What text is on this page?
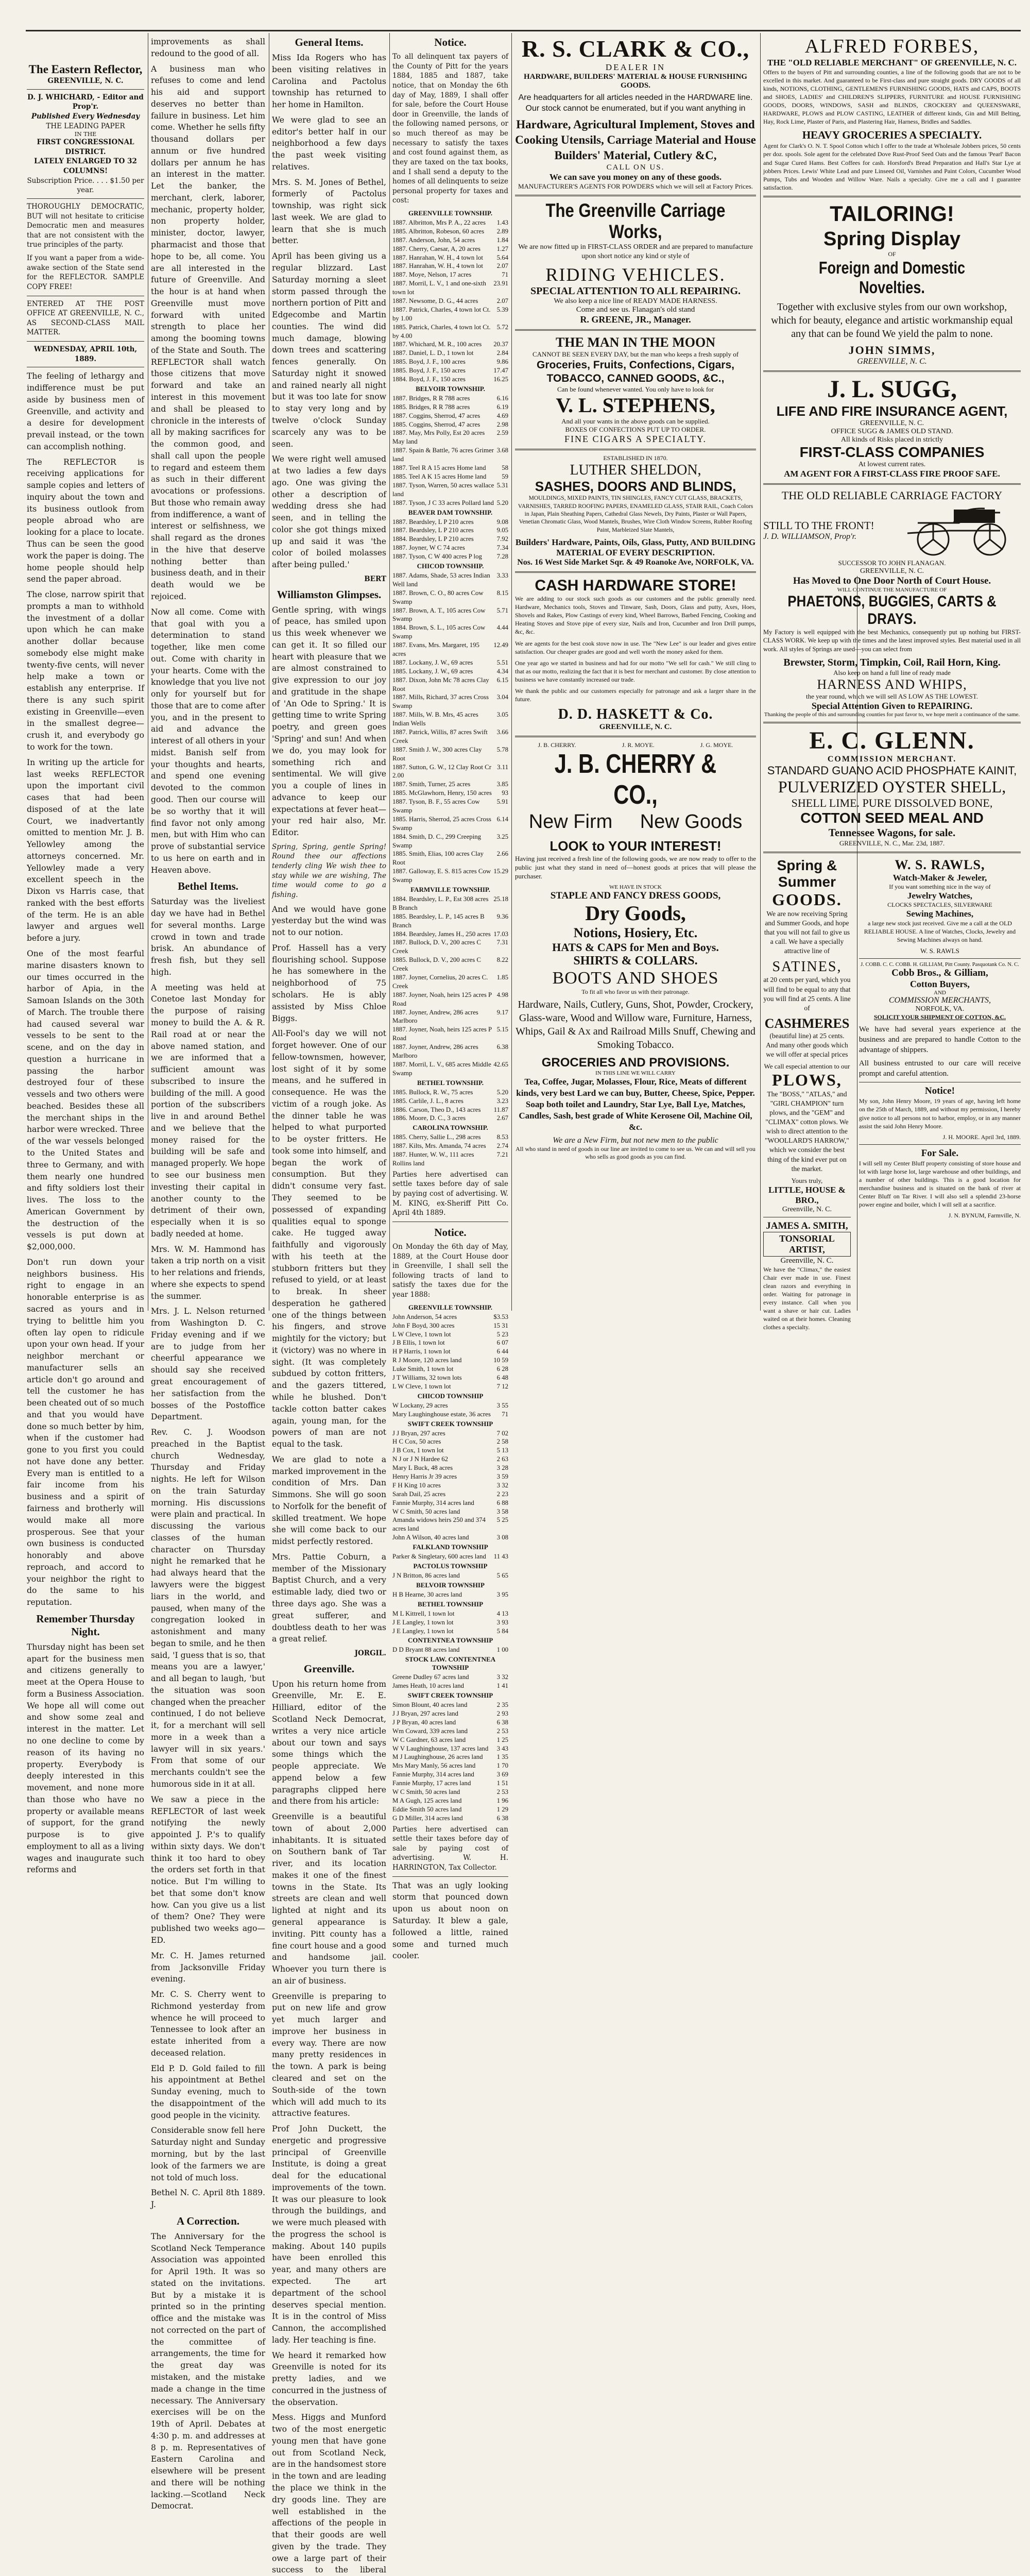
The Eastern Reflector,
GREENVILLE, N. C.
D. J. WHICHARD, - Editor and Prop'r.
Published Every Wednesday
THE LEADING PAPER
IN THE
FIRST CONGRESSIONAL DISTRICT.
LATELY ENLARGED TO 32 COLUMNS!
Subscription Price. . . . $1.50 per year.

THOROUGHLY DEMOCRATIC, BUT will not hesitate to criticise Democratic men and measures that are not consistent with the true principles of the party.

If you want a paper from a wide-awake section of the State send for the REFLECTOR. SAMPLE COPY FREE!

ENTERED AT THE POST OFFICE AT GREENVILLE, N. C., AS SECOND-CLASS MAIL MATTER.

WEDNESDAY, APRIL 10th, 1889.

The feeling of lethargy and indifference must be put aside by business men of Greenville, and activity and a desire for development prevail instead, or the town can accomplish nothing.

The REFLECTOR is receiving applications for sample copies and letters of inquiry about the town and its business outlook from people abroad who are looking for a place to locate. Thus can be seen the good work the paper is doing. The home people should help send the paper abroad.

The close, narrow spirit that prompts a man to withhold the investment of a dollar upon which he can make another dollar because somebody else might make twenty-five cents, will never help make a town or establish any enterprise. If there is any such spirit existing in Greenville—even in the smallest degree—crush it, and everybody go to work for the town.

In writing up the article for last weeks REFLECTOR upon the important civil cases that had been disposed of at the late Court, we inadvertantly omitted to mention Mr. J. B. Yellowley among the attorneys concerned. Mr. Yellowley made a very excellent speech in the Dixon vs Harris case, that ranked with the best efforts of the term. He is an able lawyer and argues well before a jury.

One of the most fearful marine disasters known to our times occurred in the harbor of Apia, in the Samoan Islands on the 30th of March. The trouble there had caused several war vessels to be sent to the scene, and on the day in question a hurricane in passing the harbor destroyed four of these vessels and two others were beached. Besides these all the merchant ships in the harbor were wrecked. Three of the war vessels belonged to the United States and three to Germany, and with them nearly one hundred and fifty soldiers lost their lives. The loss to the American Government by the destruction of the vessels is put down at $2,000,000.

Don't run down your neighbors business. His right to engage in an honorable enterprise is as sacred as yours and in trying to belittle him you often lay open to ridicule upon your own head. If your neighbor merchant or manufacturer sells an article don't go around and tell the customer he has been cheated out of so much and that you would have done so much better by him, when if the customer had gone to you first you could not have done any better. Every man is entitled to a fair income from his business and a spirit of fairness and brotherly will would make all more prosperous. See that your own business is conducted honorably and above reproach, and accord to your neighbor the right to do the same to his reputation.

Remember Thursday Night.

Thursday night has been set apart for the business men and citizens generally to meet at the Opera House to form a Business Association. We hope all will come out and show some zeal and interest in the matter. Let no one decline to come by reason of its having no property. Everybody is deeply interested in this movement, and none more than those who have no property or available means of support, for the grand purpose is to give employment to all as a living wages and inaugurate such reforms and

improvements as shall redound to the good of all.

A business man who refuses to come and lend his aid and support deserves no better than failure in business. Let him come. Whether he sells fifty thousand dollars per annum or five hundred dollars per annum he has an interest in the matter. Let the banker, the merchant, clerk, laborer, mechanic, property holder, non property holder, minister, doctor, lawyer, pharmacist and those that hope to be, all come. You are all interested in the future of Greenville. And the hour is at hand when Greenville must move forward with united strength to place her among the booming towns of the State and South. The REFLECTOR shall watch those citizens that move forward and take an interest in this movement and shall be pleased to chronicle in the interests of all by making sacrifices for the common good, and shall call upon the people to regard and esteem them as such in their different avocations or professions. But those who remain away from indifference, a want of interest or selfishness, we shall regard as the drones in the hive that deserve nothing better than business death, and in their death would we be rejoiced.

Now all come. Come with that goal with you a determination to stand together, like men come out. Come with charity in your hearts. Come with the knowledge that you live not only for yourself but for those that are to come after you, and in the present to aid and advance the interest of all others in your midst. Banish self from your thoughts and hearts, and spend one evening devoted to the common good. Then our course will be so worthy that it will find favor not only among men, but with Him who can prove of substantial service to us here on earth and in Heaven above.

Bethel Items.

Saturday was the liveliest day we have had in Bethel for several months. Large crowd in town and trade brisk. An abundance of fresh fish, but they sell high.

A meeting was held at Conetoe last Monday for the purpose of raising money to build the A. & R. Rail road at or near the above named station, and we are informed that a sufficient amount was subscribed to insure the building of the mill. A good portion of the subscribers live in and around Bethel and we believe that the money raised for the building will be safe and managed properly. We hope to see our business men investing their capital in another county to the detriment of their own, especially when it is so badly needed at home.

Mrs. W. M. Hammond has taken a trip north on a visit to her relations and friends, where she expects to spend the summer.

Mrs. J. L. Nelson returned from Washington D. C. Friday evening and if we are to judge from her cheerful appearance we should say she received great encouragement of her satisfaction from the bosses of the Postoffice Department.

Rev. C. J. Woodson preached in the Baptist church Wednesday, Thursday and Friday nights. He left for Wilson on the train Saturday morning. His discussions were plain and practical. In discussing the various classes of the human character on Thursday night he remarked that he had always heard that the lawyers were the biggest liars in the world, and paused, when many of the congregation looked in astonishment and many began to smile, and he then said, 'I guess that is so, that means you are a lawyer,' and all began to laugh, 'but the situation was soon changed when the preacher continued, I do not believe it, for a merchant will sell more in a week than a lawyer will in six years.' From that some of our merchants couldn't see the humorous side in it at all.

We saw a piece in the REFLECTOR of last week notifying the newly appointed J. P.'s to qualify within sixty days. We don't think it too hard to obey the orders set forth in that notice. But I'm willing to bet that some don't know how. Can you give us a list of them? One? They were published two weeks ago—ED.

Mr. C. H. James returned from Jacksonville Friday evening.

Mr. C. S. Cherry went to Richmond yesterday from whence he will proceed to Tennessee to look after an estate inherited from a deceased relation.

Eld P. D. Gold failed to fill his appointment at Bethel Sunday evening, much to the disappointment of the good people in the vicinity.

Considerable snow fell here Saturday night and Sunday morning, but by the last look of the farmers we are not told of much loss.

Bethel N. C. April 8th 1889. J.

A Correction.

The Anniversary for the Scotland Neck Temperance Association was appointed for April 19th. It was so stated on the invitations. But by a mistake it is printed so in the printing office and the mistake was not corrected on the part of the committee of arrangements, the time for the great day was mistaken, and the mistake made a change in the time necessary. The Anniversary exercises will be on the 19th of April. Debates at 4:30 p. m. and addresses at 8 p. m. Representatives of Eastern Carolina and elsewhere will be present and there will be nothing lacking.—Scotland Neck Democrat.

General Items.

Miss Ida Rogers who has been visiting relatives in Carolina and Pactolus township has returned to her home in Hamilton.

We were glad to see an editor's better half in our neighborhood a few days the past week visiting relatives.

Mrs. S. M. Jones of Bethel, formerly of Pactolus township, was right sick last week. We are glad to learn that she is much better.

April has been giving us a regular blizzard. Last Saturday morning a sleet storm passed through the northern portion of Pitt and Edgecombe and Martin counties. The wind did much damage, blowing down trees and scattering fences generally. On Saturday night it snowed and rained nearly all night but it was too late for snow to stay very long and by twelve o'clock Sunday scarcely any was to be seen.

We were right well amused at two ladies a few days ago. One was giving the other a description of wedding dress she had seen, and in telling the color she got things mixed up and said it was 'the color of boiled molasses after being pulled.'

BERT
Williamston Glimpses.

Gentle spring, with wings of peace, has smiled upon us this week whenever we can get it. It so filled our heart with pleasure that we are almost constrained to give expression to our joy and gratitude in the shape of 'An Ode to Spring.' It is getting time to write Spring poetry, and green goes 'Spring' and sun! And when we do, you may look for something rich and sentimental. We will give you a couple of lines in advance to keep our expectations at fever heat—your red hair also, Mr. Editor.

Spring, Spring, gentle Spring! Round thee our affections tenderly cling We wish thee to stay while we are wishing, The time would come to go a fishing.

And we would have gone yesterday but the wind was not to our notion.

Prof. Hassell has a very flourishing school. Suppose he has somewhere in the neighborhood of 75 scholars. He is ably assisted by Miss Chloe Biggs.

All-Fool's day we will not forget however. One of our fellow-townsmen, however, lost sight of it by some means, and he suffered in consequence. He was the victim of a rough joke. As the dinner table he was helped to what purported to be oyster fritters. He took some into himself, and began the work of consumption. But they didn't consume very fast. They seemed to be possessed of expanding qualities equal to sponge cake. He tugged away faithfully and vigorously with his teeth at the stubborn fritters but they refused to yield, or at least to break. In sheer desperation he gathered one of the things between his fingers, and strove mightily for the victory; but it (victory) was no where in sight. (It was completely subdued by cotton fritters, and the gazers tittered, while he blushed. Don't tackle cotton batter cakes again, young man, for the powers of man are not equal to the task.

We are glad to note a marked improvement in the condition of Mrs. Dan Simmons. She will go soon to Norfolk for the benefit of skilled treatment. We hope she will come back to our midst perfectly restored.

Mrs. Pattie Coburn, a member of the Missionary Baptist Church, and a very estimable lady, died two or three days ago. She was a great sufferer, and doubtless death to her was a great relief.

JORGIL.
Greenville.

Upon his return home from Greenville, Mr. E. E. Hilliard, editor of the Scotland Neck Democrat, writes a very nice article about our town and says some things which the people appreciate. We append below a few paragraphs clipped here and there from his article:

Greenville is a beautiful town of about 2,000 inhabitants. It is situated on Southern bank of Tar river, and its location makes it one of the finest towns in the State. Its streets are clean and well lighted at night and its general appearance is inviting. Pitt county has a fine court house and a good and handsome jail. Whoever you turn there is an air of business.

Greenville is preparing to put on new life and grow yet much larger and improve her business in every way. There are now many pretty residences in the town. A park is being cleared and set on the South-side of the town which will add much to its attractive features.

Prof John Duckett, the energetic and progressive principal of Greenville Institute, is doing a great deal for the educational improvements of the town. It was our pleasure to look through the buildings, and we were much pleased with the progress the school is making. About 140 pupils have been enrolled this year, and many others are expected. The art department of the school deserves special mention. It is in the control of Miss Cannon, the accomplished lady. Her teaching is fine.

We heard it remarked how Greenville is noted for its pretty ladies, and we concurred in the justness of the observation.

Mess. Higgs and Munford two of the most energetic young men that have gone out from Scotland Neck, are in the handsomest store in the town and are leading the place we think in the dry goods line. They are well established in the affections of the people in that their goods are well given by the trade. They owe a large part of their success to the liberal

Notice.

To all delinquent tax payers of the County of Pitt for the years 1884, 1885 and 1887, take notice, that on Monday the 6th day of May, 1889, I shall offer for sale, before the Court House door in Greenville, the lands of the following named persons, or so much thereof as may be necessary to satisfy the taxes and cost found against them, as they are taxed on the tax books, and I shall send a deputy to the homes of all delinquents to seize personal property for taxes and cost:

GREENVILLE TOWNSHIP.
1887. Albritton, Mrs P. A., 22 acres	1.43
1885. Albritton, Robeson, 60 acres	2.89
1887. Anderson, John, 54 acres	1.84
1887. Cherry, Caesar, A, 20 acres	1.27
1887. Hanrahan, W. H., 4 town lot	5.64
1887. Hanrahan, W. H., 4 town lot	2.07
1887. Moye, Nelson, 17 acres	71
1887. Morril, L. V., 1 and one-sixth town lot
23.91
1887. Newsome, D. G., 44 acres	2.07
1887. Patrick, Charles, 4 town lot Ct. by 1.00
5.39
1885. Patrick, Charles, 4 town lot Ct. by 4.00
5.72
1887. Whichard, M. R., 100 acres	20.37
1887. Daniel, L. D., 1 town lot	2.84
1885. Boyd, J. F., 100 acres	9.86
1885. Boyd, J. F., 150 acres	17.47
1884. Boyd, J. F., 150 acres	16.25
BELVOIR TOWNSHIP.
1887. Bridges, R R 788 acres	6.16
1885. Bridges, R R 788 acres	6.19
1887. Coggins, Sherrod, 47 acres	4.69
1885. Coggins, Sherrod, 47 acres	2.98
1887. May, Mrs Polly, Est 20 acres May land
2.59
1887. Spain & Battle, 76 acres Grimer land
3.68
1887. Teel R A 15 acres Home land	58
1885. Teel A K 15 acres Home land	59
1887. Tyson, Warren, 50 acres wallace land
5.31
1887. Tyson, J C 33 acres Pollard land 5.20
BEAVER DAM TOWNSHIP.
1887. Beardsley, L P 210 acres	9.08
1887. Beardsley, L P 210 acres	9.05
1884. Beardsley, L P 210 acres	7.92
1887. Joyner, W C 74 acres	7.34
1887. Tyson, C W 400 acres P log	7.28
CHICOD TOWNSHIP.
1887. Adams, Shade, 53 acres Indian Well land
3.33
1887. Brown, C. O., 80 acres Cow Swamp
8.15
1887. Brown, A. T., 105 acres Cow Swamp
5.71
1884. Brown, S. L., 105 acres Cow Swamp
4.44
1887. Evans, Mrs. Margaret, 195 acres
12.49
1887. Lockany, J. W., 69 acres	5.51
1885. Lockany, J. W., 69 acres	4.34
1887. Dixon, John Mc 78 acres Clay Root
6.15
1887. Mills, Richard, 37 acres Cross Swamp
3.04
1887. Mills, W. B. Mrs, 45 acres Indian Wells
3.05
1887. Patrick, Willis, 87 acres Swift Creek
3.66
1887. Smith J. W., 300 acres Clay Root
5.78
1887. Sutton, G. W., 12 Clay Root Cr 2.00
3.11
1887. Smith, Turner, 25 acres	3.85
1885. McGlawhorn, Henry, 150 acres	93
1887. Tyson, B. F., 55 acres Cow Swamp
5.91
1885. Harris, Sherrod, 25 acres Cross Swamp
6.14
1884. Smith, D. C., 299 Creeping Swamp
3.25
1885. Smith, Elias, 100 acres Clay Root
2.66
1887. Galloway, E. S. 815 acres Cow Swamp
15.29
FARMVILLE TOWNSHIP.
1884. Beardsley, L. P., Est 308 acres B Branch
25.18
1885. Beardsley, L. P., 145 acres B Branch
9.36
1884. Beardsley, James H., 250 acres 17.03
1887. Bullock, D. V., 200 acres C Creek
7.31
1885. Bullock, D. V., 200 acres C Creek
8.22
1887. Joyner, Cornelius, 20 acres C. Creek
1.85
1887. Joyner, Noah, heirs 125 acres P Road
4.98
1887. Joyner, Andrew, 286 acres Marlboro
9.17
1887. Joyner, Noah, heirs 125 acres P Road
5.15
1887. Joyner, Andrew, 286 acres Marlboro
6.38
1887. Morril, L. V., 685 acres Middle Swamp
42.65
BETHEL TOWNSHIP.
1885. Bullock, R. W., 75 acres	5.20
1885. Carlile, J. L., 8 acres	3.23
1886. Carson, Theo D., 143 acres	11.87
1886. Moore, D. C., 3 acres	2.67
CAROLINA TOWNSHIP.
1885. Cherry, Sallie L., 298 acres	8.53
1887. Kilts, Mrs. Amanda, 74 acres	2.74
1887. Hunter, W. W., 111 acres Rollins land
7.21

Parties here advertised can settle taxes before day of sale by paying cost of advertising. W. M. KING, ex-Sheriff Pitt Co. April 4th 1889.

Notice.

On Monday the 6th day of May, 1889, at the Court House door in Greenville, I shall sell the following tracts of land to satisfy the taxes due for the year 1888:

GREENVILLE TOWNSHIP.
John Anderson, 54 acres	$3.53
John F Boyd, 300 acres	15 31
L W Cleve, 1 town lot	5 23
J B Ellis, 1 town lot	6 07
H P Harris, 1 town lot	6 44
R J Moore, 120 acres land	10 59
Luke Smith, 1 town lot	6 28
J T Williams, 32 town lots	6 48
L W Cleve, 1 town lot	7 12
CHICOD TOWNSHIP
W Lockany, 29 acres	3 55
Mary Laughinghouse estate, 36 acres	71
SWIFT CREEK TOWNSHIP
J J Bryan, 297 acres	7 02
H C Cox, 50 acres	2 58
J B Cox, 1 town lot	5 13
N J or J N Hardee 62	2 63
Mary L Buck, 48 acres	3 28
Henry Harris Jr 39 acres	3 59
F H King 10 acres	3 32
Sarah Dail, 25 acres	2 23
Fannie Murphy, 314 acres land	6 88
W C Smith, 50 acres land	3 58
Amanda widows heirs 250 and 374 acres land
5 25
John A Wilson, 40 acres land	3 08
FALKLAND TOWNSHIP
Parker & Singletary, 600 acres land	11 43
PACTOLUS TOWNSHIP
J N Britton, 86 acres land	5 65
BELVOIR TOWNSHIP
H B Hearne, 30 acres land	3 95
BETHEL TOWNSHIP
M L Kittrell, 1 town lot	4 13
J E Langley, 1 town lot	3 93
J E Langley, 1 town lot	5 84
CONTENTNEA TOWNSHIP
D D Bryant 88 acres land	1 00
STOCK LAW. CONTENTNEA TOWNSHIP
Greene Dudley 67 acres land	3 32
James Heath, 10 acres land	1 41
SWIFT CREEK TOWNSHIP
Simon Blount, 40 acres land	2 35
J J Bryan, 297 acres land	2 93
J P Bryan, 40 acres land	6 38
Wm Coward, 339 acres land	2 53
W C Gardner, 63 acres land	1 25
W V Laughinghouse, 137 acres land	3 43
M J Laughinghouse, 26 acres land	1 35
Mrs Mary Manly, 56 acres land	1 70
Fannie Murphy, 314 acres land	3 69
Fannie Murphy, 17 acres land	1 51
W C Smith, 50 acres land	2 53
M A Gugh, 125 acres land	1 96
Eddie Smith 50 acres land	1 29
G D Miller, 314 acres land	6 38

Parties here advertised can settle their taxes before day of sale by paying cost of advertising. W. H. HARRINGTON, Tax Collector.

That was an ugly looking storm that pounced down upon us about noon on Saturday. It blew a gale, followed a little, rained some and turned much cooler.

R. S. CLARK & CO.,
DEALER IN
HARDWARE, BUILDERS' MATERIAL & HOUSE FURNISHING GOODS.

Are headquarters for all articles needed in the HARDWARE line. Our stock cannot be enumerated, but if you want anything in

Hardware, Agricultural Implement, Stoves and Cooking Utensils, Carriage Material and House Builders' Material, Cutlery &C,
CALL ON US.
We can save you money on any of these goods.
MANUFACTURER'S AGENTS FOR POWDERS which we will sell at Factory Prices.
The Greenville Carriage Works,

We are now fitted up in FIRST-CLASS ORDER and are prepared to manufacture upon short notice any kind or style of

RIDING VEHICLES.
SPECIAL ATTENTION TO ALL REPAIRING.
We also keep a nice line of READY MADE HARNESS.
Come and see us. Flanagan's old stand
R. GREENE, JR., Manager.
THE MAN IN THE MOON
CANNOT BE SEEN EVERY DAY, but the man who keeps a fresh supply of
Groceries, Fruits, Confections, Cigars, TOBACCO, CANNED GOODS, &C.,
Can be found whenever wanted. You only have to look for
V. L. STEPHENS,
And all your wants in the above goods can be supplied.
BOXES OF CONFECTIONS PUT UP TO ORDER.
FINE CIGARS A SPECIALTY.
ESTABLISHED IN 1870.
LUTHER SHELDON,
SASHES, DOORS AND BLINDS,

MOULDINGS, MIXED PAINTS, TIN SHINGLES, FANCY CUT GLASS, BRACKETS, VARNISHES, TARRED ROOFING PAPERS, ENAMELED GLASS, STAIR RAIL, Coach Colors in Japan, Plain Sheathing Papers, Cathedral Glass Newels, Dry Paints, Plaster or Wall Papers, Venetian Chromatic Glass, Wood Mantels, Brushes, Wire Cloth Window Screens, Rubber Roofing Paint, Marbleized Slate Mantels,

Builders' Hardware, Paints, Oils, Glass, Putty, AND BUILDING MATERIAL OF EVERY DESCRIPTION.
Nos. 16 West Side Market Sqr. & 49 Roanoke Ave, NORFOLK, VA.
CASH HARDWARE STORE!

We are adding to our stock such goods as our customers and the public generally need. Hardware, Mechanics tools, Stoves and Tinware, Sash, Doors, Glass and putty, Axes, Hoes, Shovels and Rakes, Plow Castings of every kind, Wheel Barrows, Barbed Fencing, Cooking and Heating Stoves and Stove pipe of every size, Nails and Iron, Cucumber and Iron Drill pumps, &c, &c.

We are agents for the best cook stove now in use. The "New Lee" is our leader and gives entire satisfaction. Our cheaper grades are good and well worth the money asked for them.

One year ago we started in business and had for our motto "We sell for cash." We still cling to that as our motto, realizing the fact that it is best for merchant and customer. By close attention to business we have constantly increased our trade.

We thank the public and our customers especially for patronage and ask a larger share in the future.

D. D. HASKETT & Co.
GREENVILLE, N. C.
J. B. CHERRY.	J. R. MOYE.	J. G. MOYE.
J. B. CHERRY & CO.,
New Firm New Goods
LOOK to YOUR INTEREST!

Having just received a fresh line of the following goods, we are now ready to offer to the public just what they stand in need of—honest goods at prices that will please the purchaser.

WE HAVE IN STOCK
STAPLE AND FANCY DRESS GOODS,
Dry Goods,
Notions, Hosiery, Etc.
HATS & CAPS for Men and Boys.
SHIRTS & COLLARS.
BOOTS AND SHOES
To fit all who favor us with their patronage.
Hardware, Nails, Cutlery, Guns, Shot, Powder, Crockery, Glass-ware, Wood and Willow ware, Furniture, Harness, Whips, Gail & Ax and Railroad Mills Snuff, Chewing and Smoking Tobacco.
GROCERIES AND PROVISIONS.
IN THIS LINE WE WILL CARRY
Tea, Coffee, Jugar, Molasses, Flour, Rice, Meats of different kinds, very best Lard we can buy, Butter, Cheese, Spice, Pepper. Soap both toilet and Laundry, Star Lye, Ball Lye, Matches, Candles, Sash, best grade of White Kerosene Oil, Machine Oil, &c.
We are a New Firm, but not new men to the public
All who stand in need of goods in our line are invited to come to see us. We can and will sell you who sells as good goods as you can find.
ALFRED FORBES,
THE "OLD RELIABLE MERCHANT" OF GREENVILLE, N. C.

Offers to the buyers of Pitt and surrounding counties, a line of the following goods that are not to be excelled in this market. And guaranteed to be First-class and pure straight goods. DRY GOODS of all kinds, NOTIONS, CLOTHING, GENTLEMEN'S FURNISHING GOODS, HATS and CAPS, BOOTS and SHOES, LADIES' and CHILDREN'S SLIPPERS, FURNITURE and HOUSE FURNISHING GOODS, DOORS, WINDOWS, SASH and BLINDS, CROCKERY and QUEENSWARE, HARDWARE, PLOWS and PLOW CASTING, LEATHER of different kinds, Gin and Mill Belting, Hay, Rock Lime, Plaster of Paris, and Plastering Hair, Harness, Bridles and Saddles.

HEAVY GROCERIES A SPECIALTY.

Agent for Clark's O. N. T. Spool Cotton which I offer to the trade at Wholesale Jobbers prices, 50 cents per doz. spools. Sole agent for the celebrated Dove Rust-Proof Seed Oats and the famous 'Pearl' Bacon and Sugar Cured Hams. Best Coffees for cash. Horsford's Bread Preparation and Hall's Star Lye at jobbers Prices. Lewis' White Lead and pure Linseed Oil, Varnishes and Paint Colors, Cucumber Wood Pumps, Tubs and Wooden and Willow Ware. Nails a specialty. Give me a call and I guarantee satisfaction.

TAILORING!
Spring Display
OF
Foreign and Domestic Novelties.
Together with exclusive styles from our own workshop, which for beauty, elegance and artistic workmanship equal any that can be found We yield the palm to none.
JOHN SIMMS,
GREENVILLE, N. C.
J. L. SUGG,
LIFE AND FIRE INSURANCE AGENT,
GREENVILLE, N. C.
OFFICE SUGG & JAMES OLD STAND.
All kinds of Risks placed in strictly
FIRST-CLASS COMPANIES
At lowest current rates.
AM AGENT FOR A FIRST-CLASS FIRE PROOF SAFE.
THE OLD RELIABLE CARRIAGE FACTORY
STILL TO THE FRONT!
J. D. WILLIAMSON, Prop'r.
SUCCESSOR TO JOHN FLANAGAN.
GREENVILLE, N. C.
Has Moved to One Door North of Court House.
WILL CONTINUE THE MANUFACTURE OF
PHAETONS, BUGGIES, CARTS & DRAYS.

My Factory is well equipped with the best Mechanics, consequently put up nothing but FIRST-CLASS WORK. We keep up with the times and the latest improved styles. Best material used in all work. All styles of Springs are used—you can select from

Brewster, Storm, Timpkin, Coil, Rail Horn, King.
Also keep on hand a full line of ready made
HARNESS AND WHIPS,
the year round, which we will sell AS LOW AS THE LOWEST.
Special Attention Given to REPAIRING.
Thanking the people of this and surrounding counties for past favor to, we hope merit a continuance of the same.
E. C. GLENN.
COMMISSION MERCHANT.
STANDARD GUANO ACID PHOSPHATE KAINIT,
PULVERIZED OYSTER SHELL,
SHELL LIME. PURE DISSOLVED BONE,
COTTON SEED MEAL AND
Tennessee Wagons, for sale.
GREENVILLE, N. C., Mar. 23d, 1887.
Spring & Summer
GOODS.

We are now receiving Spring and Summer Goods, and hope that you will not fail to give us a call. We have a specially attractive line of

SATINES,

at 20 cents per yard, which you will find to be equal to any that you will find at 25 cents. A line of

CASHMERES

(beautiful line) at 25 cents. And many other goods which we will offer at special prices

We call especial attention to our
PLOWS,

The "BOSS," "ATLAS," and "GIRL CHAMPION" turn plows, and the "GEM" and "CLIMAX" cotton plows. We wish to direct attention to the "WOOLLARD'S HARROW," which we consider the best thing of the kind ever put on the market.

Yours truly,
LITTLE, HOUSE & BRO.,
Greenville, N. C.
JAMES A. SMITH,
TONSORIAL ARTIST,
Greenville, N. C.

We have the "Climax," the easiest Chair ever made in use. Finest clean razors and everything in order. Waiting for patronage in every instance. Call when you want a shave or hair cut. Ladies waited on at their homes. Cleaning clothes a specialty.

W. S. RAWLS,
Watch-Maker & Jeweler,
If you want something nice in the way of
Jewelry Watches,
CLOCKS SPECTACLES, SILVERWARE
Sewing Machines,

a large new stock just received. Give me a call at the OLD RELIABLE HOUSE. A line of Watches, Clocks, Jewelry and Sewing Machines always on hand.

W. S. RAWLS
J. COBB. C. C. COBB. H. GILLIAM, Pitt County. Pasquotank Co. N. C.
Cobb Bros., & Gilliam,
Cotton Buyers,
AND
COMMISSION MERCHANTS,
NORFOLK, VA.
SOLICIT YOUR SHIPMENT OF COTTON, &C.

We have had several years experience at the business and are prepared to handle Cotton to the advantage of shippers.

All business entrusted to our care will receive prompt and careful attention.

Notice!

My son, John Henry Moore, 19 years of age, having left home on the 25th of March, 1889, and without my permission, I hereby give notice to all persons not to harbor, employ, or in any manner assist the said John Henry Moore.

J. H. MOORE. April 3rd, 1889.
For Sale.

I will sell my Center Bluff property consisting of store house and lot with large horse lot, large warehouse and other buildings, and a number of other buildings. This is a good location for merchandise business and is situated on the bank of river at Center Bluff on Tar River. I will also sell a splendid 23-horse power engine and boiler, which I will sell at a sacrifice.

J. N. BYNUM, Farmville, N.
